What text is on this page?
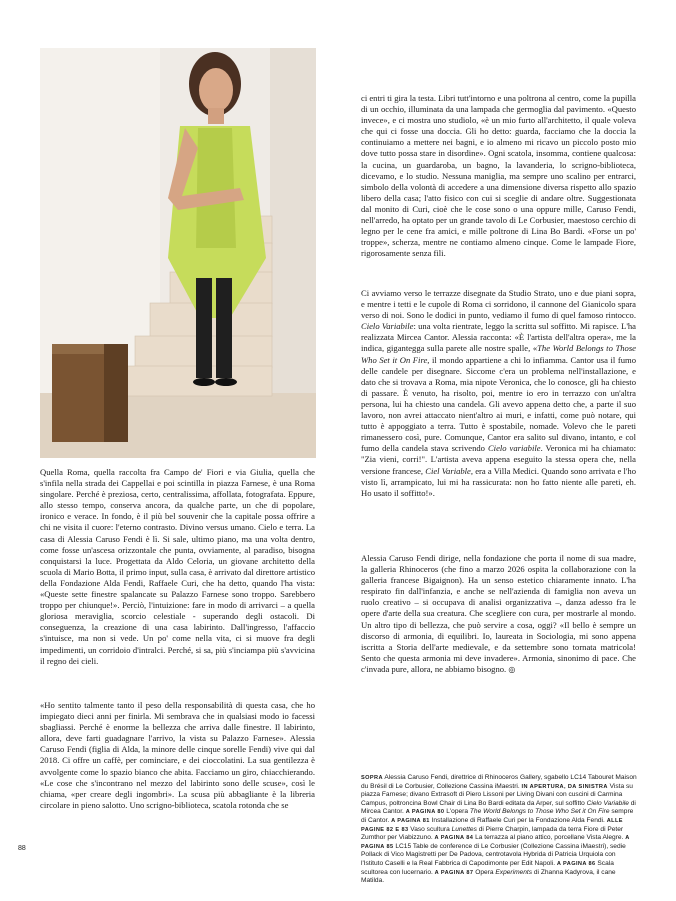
Quella Roma, quella raccolta fra Campo de' Fiori e via Giulia, quella che s'infila nella strada dei Cappellai e poi scintilla in piazza Farnese, è una Roma singolare. Perché è preziosa, certo, centralissima, affollata, fotografata. Eppure, allo stesso tempo, conserva ancora, da qualche parte, un che di popolare, ironico e verace. In fondo, è il più bel souvenir che la capitale possa offrire a chi ne visita il cuore: l'eterno contrasto. Divino versus umano. Cielo e terra. La casa di Alessia Caruso Fendi è lì. Si sale, ultimo piano, ma una volta dentro, come fosse un'ascesa orizzontale che punta, ovviamente, al paradiso, bisogna conquistarsi la luce. Progettata da Aldo Celoria, un giovane architetto della scuola di Mario Botta, il primo input, sulla casa, è arrivato dal direttore artistico della Fondazione Alda Fendi, Raffaele Curi, che ha detto, quando l'ha vista: «Queste sette finestre spalancate su Palazzo Farnese sono troppo. Sarebbero troppo per chiunque!». Perciò, l'intuizione: fare in modo di arrivarci – a quella gloriosa meraviglia, scorcio celestiale - superando degli ostacoli. Di conseguenza, la creazione di una casa labirinto. Dall'ingresso, l'affaccio s'intuisce, ma non si vede. Un po' come nella vita, ci si muove fra degli impedimenti, un corridoio d'intralci. Perché, si sa, più s'inciampa più s'avvicina il regno dei cieli.

«Ho sentito talmente tanto il peso della responsabilità di questa casa, che ho impiegato dieci anni per finirla. Mi sembrava che in qualsiasi modo io facessi sbagliassi. Perché è enorme la bellezza che arriva dalle finestre. Il labirinto, allora, deve farti guadagnare l'arrivo, la vista su Palazzo Farnese». Alessia Caruso Fendi (figlia di Alda, la minore delle cinque sorelle Fendi) vive qui dal 2018. Ci offre un caffè, per cominciare, e dei cioccolatini. La sua gentilezza è avvolgente come lo spazio bianco che abita. Facciamo un giro, chiacchierando. «Le cose che s'incontrano nel mezzo del labirinto sono delle scuse», così le chiama, «per creare degli ingombri». La scusa più abbagliante è la libreria circolare in pieno salotto. Uno scrigno-biblioteca, scatola rotonda che se

ci entri ti gira la testa. Libri tutt'intorno e una poltrona al centro, come la pupilla di un occhio, illuminata da una lampada che germoglia dal pavimento. «Questo invece», e ci mostra uno studiolo, «è un mio furto all'architetto, il quale voleva che qui ci fosse una doccia. Gli ho detto: guarda, facciamo che la doccia la continuiamo a mettere nei bagni, e io almeno mi ricavo un piccolo posto mio dove tutto possa stare in disordine». Ogni scatola, insomma, contiene qualcosa: la cucina, un guardaroba, un bagno, la lavanderia, lo scrigno-biblioteca, dicevamo, e lo studio. Nessuna maniglia, ma sempre uno scalino per entrarci, simbolo della volontà di accedere a una dimensione diversa rispetto allo spazio libero della casa; l'atto fisico con cui si sceglie di andare oltre. Suggestionata dal monito di Curi, cioè che le cose sono o una oppure mille, Caruso Fendi, nell'arredo, ha optato per un grande tavolo di Le Corbusier, maestoso cerchio di legno per le cene fra amici, e mille poltrone di Lina Bo Bardi. «Forse un po' troppe», scherza, mentre ne contiamo almeno cinque. Come le lampade Fiore, rigorosamente senza fili.

Ci avviamo verso le terrazze disegnate da Studio Strato, uno e due piani sopra, e mentre i tetti e le cupole di Roma ci sorridono, il cannone del Gianicolo spara verso di noi. Sono le dodici in punto, vediamo il fumo di quel famoso rintocco. Cielo Variabile: una volta rientrate, leggo la scritta sul soffitto. Mi rapisce. L'ha realizzata Mircea Cantor. Alessia racconta: «È l'artista dell'altra opera», me la indica, gigantegga sulla parete alle nostre spalle, «The World Belongs to Those Who Set it On Fire, il mondo appartiene a chi lo infiamma. Cantor usa il fumo delle candele per disegnare. Siccome c'era un problema nell'installazione, e dato che si trovava a Roma, mia nipote Veronica, che lo conosce, gli ha chiesto di passare. È venuto, ha risolto, poi, mentre io ero in terrazzo con un'altra persona, lui ha chiesto una candela. Gli avevo appena detto che, a parte il suo lavoro, non avrei attaccato nient'altro ai muri, e infatti, come può notare, qui tutto è appoggiato a terra. Tutto è spostabile, nomade. Volevo che le pareti rimanessero così, pure. Comunque, Cantor era salito sul divano, intanto, e col fumo della candela stava scrivendo Cielo variabile. Veronica mi ha chiamato: "Zia vieni, corri!". L'artista aveva appena eseguito la stessa opera che, nella versione francese, Ciel Variable, era a Villa Medici. Quando sono arrivata e l'ho visto lì, arrampicato, lui mi ha rassicurata: non ho fatto niente alle pareti, eh. Ho usato il soffitto!».

Alessia Caruso Fendi dirige, nella fondazione che porta il nome di sua madre, la galleria Rhinoceros (che fino a marzo 2026 ospita la collaborazione con la galleria francese Bigaignon). Ha un senso estetico chiaramente innato. L'ha respirato fin dall'infanzia, e anche se nell'azienda di famiglia non aveva un ruolo creativo – si occupava di analisi organizzativa –, danza adesso fra le opere d'arte della sua creatura. Che scegliere con cura, per mostrarle al mondo. Un altro tipo di bellezza, che può servire a cosa, oggi? «Il bello è sempre un discorso di armonia, di equilibri. Io, laureata in Sociologia, mi sono appena iscritta a Storia dell'arte medievale, e da settembre sono tornata matricola! Sento che questa armonia mi deve invadere». Armonia, sinonimo di pace. Che c'invada pure, allora, ne abbiamo bisogno. ◎

SOPRA Alessia Caruso Fendi, direttrice di Rhinoceros Gallery, sgabello LC14 Tabouret Maison du Brésil di Le Corbusier, Collezione Cassina iMaestri. IN APERTURA, DA SINISTRA Vista su piazza Farnese; divano Extrasoft di Piero Lissoni per Living Divani con cuscini di Carmina Campus, poltroncina Bowl Chair di Lina Bo Bardi editata da Arper, sul soffitto Cielo Variabile di Mircea Cantor. A PAGINA 80 L'opera The World Belongs to Those Who Set it On Fire sempre di Cantor. A PAGINA 81 Installazione di Raffaele Curi per la Fondazione Alda Fendi. ALLE PAGINE 82 E 83 Vaso scultura Lunettes di Pierre Charpin, lampada da terra Fiore di Peter Zumthor per Viabizzuno. A PAGINA 84 La terrazza al piano attico, porcellane Vista Alegre. A PAGINA 85 LC15 Table de conference di Le Corbusier (Collezione Cassina iMaestri), sedie Pollack di Vico Magistretti per De Padova, centrotavola Hybrida di Patricia Urquiola con l'Istituto Caselli e la Real Fabbrica di Capodimonte per Edit Napoli. A PAGINA 86 Scala scultorea con lucernario. A PAGINA 87 Opera Experiments di Zhanna Kadyrova, il cane Matilda.
88
